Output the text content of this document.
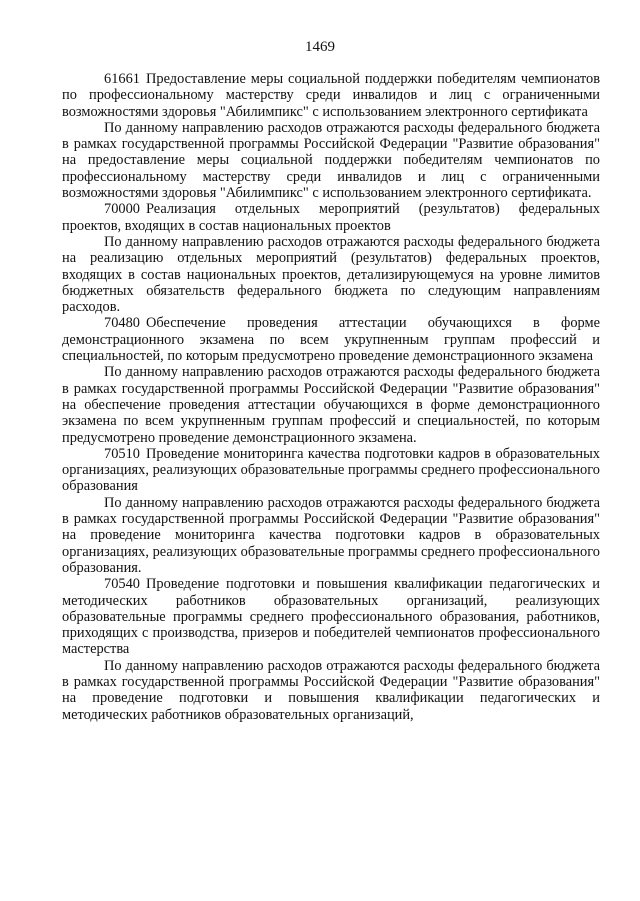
1469

61661 Предоставление меры социальной поддержки победителям чемпионатов по профессиональному мастерству среди инвалидов и лиц с ограниченными возможностями здоровья "Абилимпикс" с использованием электронного сертификата

По данному направлению расходов отражаются расходы федерального бюджета в рамках государственной программы Российской Федерации "Развитие образования" на предоставление меры социальной поддержки победителям чемпионатов по профессиональному мастерству среди инвалидов и лиц с ограниченными возможностями здоровья "Абилимпикс" с использованием электронного сертификата.

70000 Реализация отдельных мероприятий (результатов) федеральных проектов, входящих в состав национальных проектов

По данному направлению расходов отражаются расходы федерального бюджета на реализацию отдельных мероприятий (результатов) федеральных проектов, входящих в состав национальных проектов, детализирующемуся на уровне лимитов бюджетных обязательств федерального бюджета по следующим направлениям расходов.

70480 Обеспечение проведения аттестации обучающихся в форме демонстрационного экзамена по всем укрупненным группам профессий и специальностей, по которым предусмотрено проведение демонстрационного экзамена

По данному направлению расходов отражаются расходы федерального бюджета в рамках государственной программы Российской Федерации "Развитие образования" на обеспечение проведения аттестации обучающихся в форме демонстрационного экзамена по всем укрупненным группам профессий и специальностей, по которым предусмотрено проведение демонстрационного экзамена.

70510 Проведение мониторинга качества подготовки кадров в образовательных организациях, реализующих образовательные программы среднего профессионального образования

По данному направлению расходов отражаются расходы федерального бюджета в рамках государственной программы Российской Федерации "Развитие образования" на проведение мониторинга качества подготовки кадров в образовательных организациях, реализующих образовательные программы среднего профессионального образования.

70540 Проведение подготовки и повышения квалификации педагогических и методических работников образовательных организаций, реализующих образовательные программы среднего профессионального образования, работников, приходящих с производства, призеров и победителей чемпионатов профессионального мастерства

По данному направлению расходов отражаются расходы федерального бюджета в рамках государственной программы Российской Федерации "Развитие образования" на проведение подготовки и повышения квалификации педагогических и методических работников образовательных организаций,
